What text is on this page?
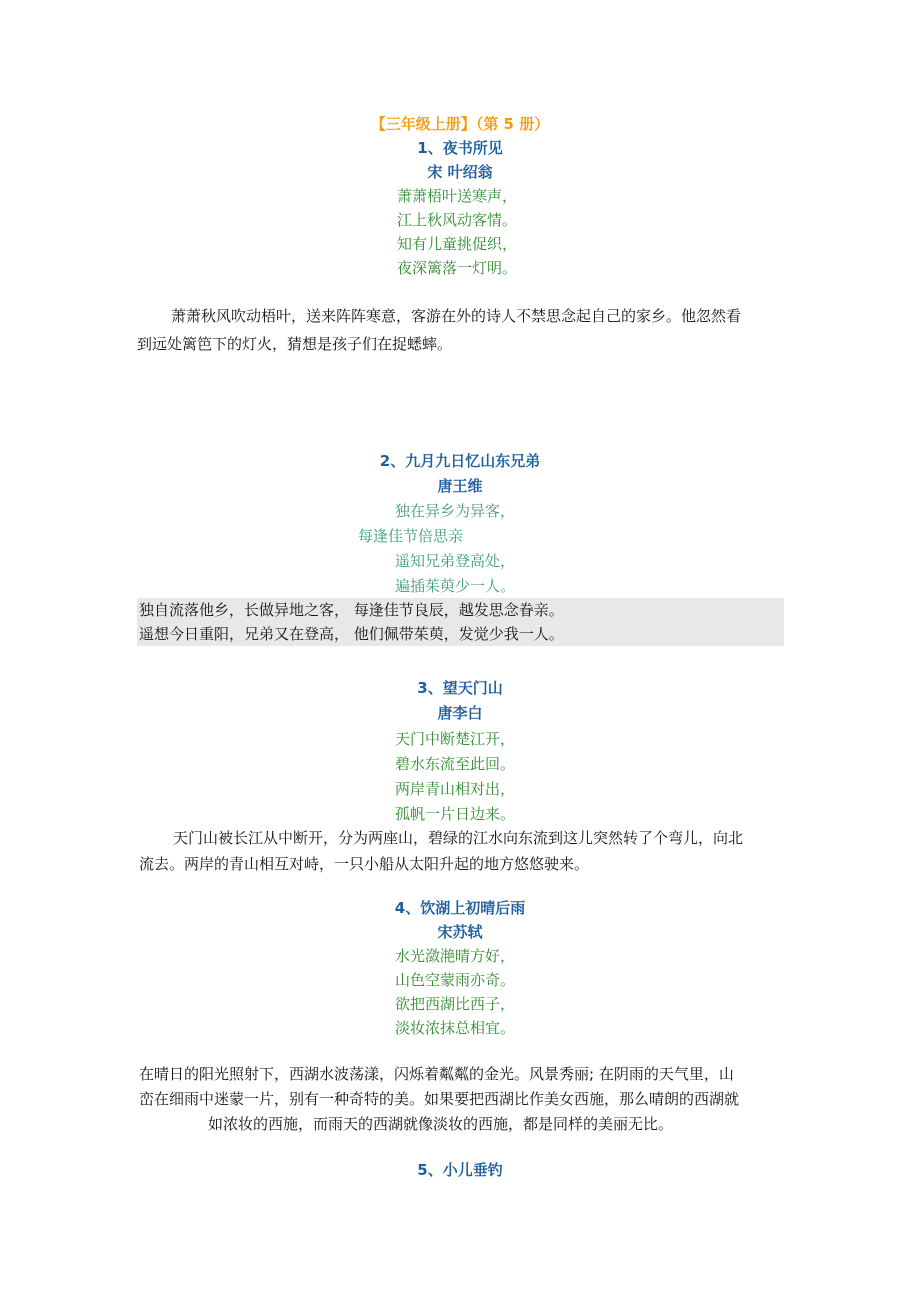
【三年级上册】（第 5 册）
1、夜书所见
宋 叶绍翁
萧萧梧叶送寒声，
江上秋风动客情。
知有儿童挑促织，
夜深篱落一灯明。
萧萧秋风吹动梧叶，送来阵阵寒意，客游在外的诗人不禁思念起自己的家乡。他忽然看
到远处篱笆下的灯火，猜想是孩子们在捉蟋蟀。
2、九月九日忆山东兄弟
唐王维
独在异乡为异客，
每逢佳节倍思亲
遥知兄弟登高处，
遍插茱萸少一人。
独自流落他乡，长做异地之客， 每逢佳节良辰，越发思念眷亲。
遥想今日重阳，兄弟又在登高， 他们佩带茱萸，发觉少我一人。
3、望天门山
唐李白
天门中断楚江开，
碧水东流至此回。
两岸青山相对出，
孤帆一片日边来。
天门山被长江从中断开，分为两座山，碧绿的江水向东流到这儿突然转了个弯儿，向北
流去。两岸的青山相互对峙，一只小船从太阳升起的地方悠悠驶来。
4、饮湖上初晴后雨
宋苏轼
水光潋滟晴方好，
山色空蒙雨亦奇。
欲把西湖比西子，
淡妆浓抹总相宜。
在晴日的阳光照射下，西湖水波荡漾，闪烁着粼粼的金光。风景秀丽; 在阴雨的天气里，山
峦在细雨中迷蒙一片，别有一种奇特的美。如果要把西湖比作美女西施，那么晴朗的西湖就
如浓妆的西施，而雨天的西湖就像淡妆的西施，都是同样的美丽无比。
5、小儿垂钓
